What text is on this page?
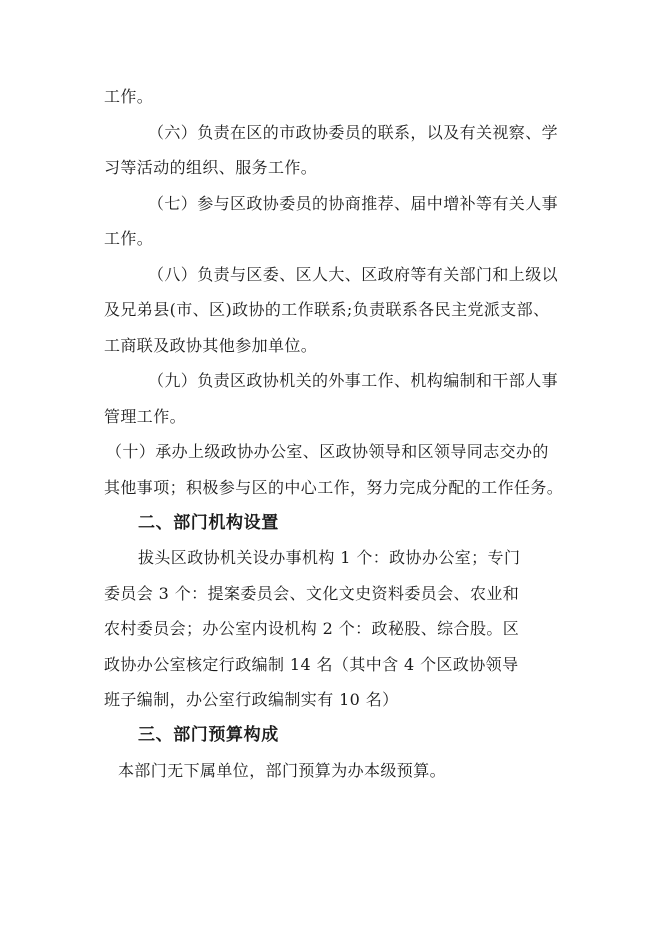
工作。
（六）负责在区的市政协委员的联系，以及有关视察、学
习等活动的组织、服务工作。
（七）参与区政协委员的协商推荐、届中增补等有关人事
工作。
（八）负责与区委、区人大、区政府等有关部门和上级以
及兄弟县(市、区)政协的工作联系;负责联系各民主党派支部、
工商联及政协其他参加单位。
（九）负责区政协机关的外事工作、机构编制和干部人事
管理工作。
（十）承办上级政协办公室、区政协领导和区领导同志交办的
其他事项；积极参与区的中心工作，努力完成分配的工作任务。
二、部门机构设置
拔头区政协机关设办事机构 1 个：政协办公室；专门
委员会 3 个：提案委员会、文化文史资料委员会、农业和
农村委员会；办公室内设机构 2 个：政秘股、综合股。区
政协办公室核定行政编制 14 名（其中含 4 个区政协领导
班子编制，办公室行政编制实有 10 名）
三、部门预算构成
本部门无下属单位，部门预算为办本级预算。
